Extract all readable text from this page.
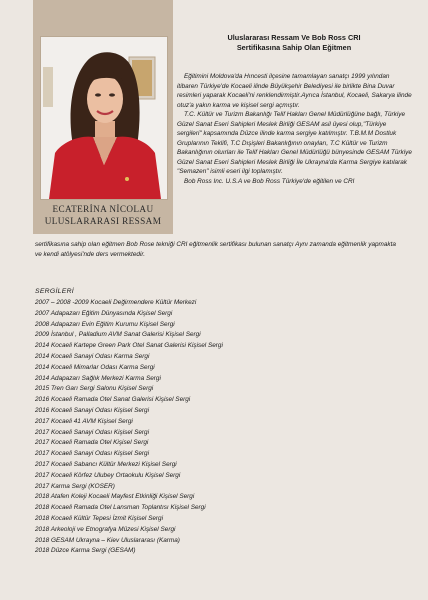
ECATERİNA NİCOLAU
ULUSLARARASI RESSAM
Uluslararası Ressam Ve Bob Ross CRI
Sertifikasına Sahip Olan Eğitmen

Eğitimini Moldova'da Hıncesti ilçesine tamamlayan sanatçı 1999 yılından itibaren Türkiye'de Kocaeli ilinde Büyükşehir Belediyesi ile birlikte Bina Duvar resimleri yaparak Kocaeli'ni renklendirmiştir.Ayrıca İstanbul, Kocaeli, Sakarya ilinde otuz'a yakın karma ve kişisel sergi açmıştır.

T.C. Kültür ve Turizm Bakanlığı Telif Hakları Genel Müdürlüğüne bağlı, Türkiye Güzel Sanat Eseri Sahipleri Meslek Birliği GESAM asil üyesi olup,"Türkiye sergileri" kapsamında Düzce ilinde karma sergiye katılmıştır. T.B.M.M Dostluk Gruplarının Teklifi, T.C Dışişleri Bakanlığının onayları, T.C Kültür ve Turizm Bakanlığının oluırları ile Telif Hakları Genel Müdürlüğü bünyesinde GESAM Türkiye Güzel Sanat Eseri Sahipleri Meslek Birliği İle Ukrayna'da Karma Sergiye katılarak "Semazen" isimli eseri ilgi toplamıştır.

Bob Ross Inc. U.S.A ve Bob Ross Türkiye'de eğitilen ve CRI

sertifikasına sahip olan eğitmen Bob Rose tekniği CRI eğitmenlik sertifikası bulunan sanatçı Aynı zamanda eğitmenlik yapmakta ve kendi atölyesi'nde ders vermektedir.
SERGİLERİ
2007 – 2008 -2009 Kocaeli Değirmendere Kültür Merkezi
2007 Adapazarı Eğitim Dünyasında Kişisel Sergi
2008 Adapazarı Evin Eğitim Kurumu Kişisel Sergi
2009 İstanbul , Palladium AVM Sanat Galerisi Kişisel Sergi
2014 Kocaeli Kartepe Green Park Otel Sanat Galerisi Kişisel Sergi
2014 Kocaeli Sanayi Odası Karma Sergi
2014 Kocaeli Mimarlar Odası Karma Sergi
2014 Adapazarı Sağlık Merkezi Karma Sergi
2015 Tren Garı Sergi Salonu Kişisel Sergi
2016 Kocaeli Ramada Otel Sanat Galerisi Kişisel Sergi
2016 Kocaeli Sanayi Odası Kişisel Sergi
2017 Kocaeli 41 AVM Kişisel Sergi
2017 Kocaeli Sanayi Odası Kişisel Sergi
2017 Kocaeli Ramada Otel Kişisel Sergi
2017 Kocaeli Sanayi Odası Kişisel Sergi
2017 Kocaeli Sabancı Kültür Merkezi Kişisel Sergi
2017 Kocaeli Körfez Ulubey Ortaokulu Kişisel Sergi
2017 Karma Sergi (KOSER)
2018 Atafen Koleji Kocaeli Mayfest Etkinliği Kişisel Sergi
2018 Kocaeli Ramada Otel Lansman Toplantısı Kişisel Sergi
2018 Kocaeli Kültür Tepesi İzmit Kişisel Sergi
2018 Arkeoloji ve Etnografya Müzesi Kişisel Sergi
2018 GESAM Ukrayna – Kiev Uluslararası (Karma)
2018 Düzce Karma Sergi (GESAM)
